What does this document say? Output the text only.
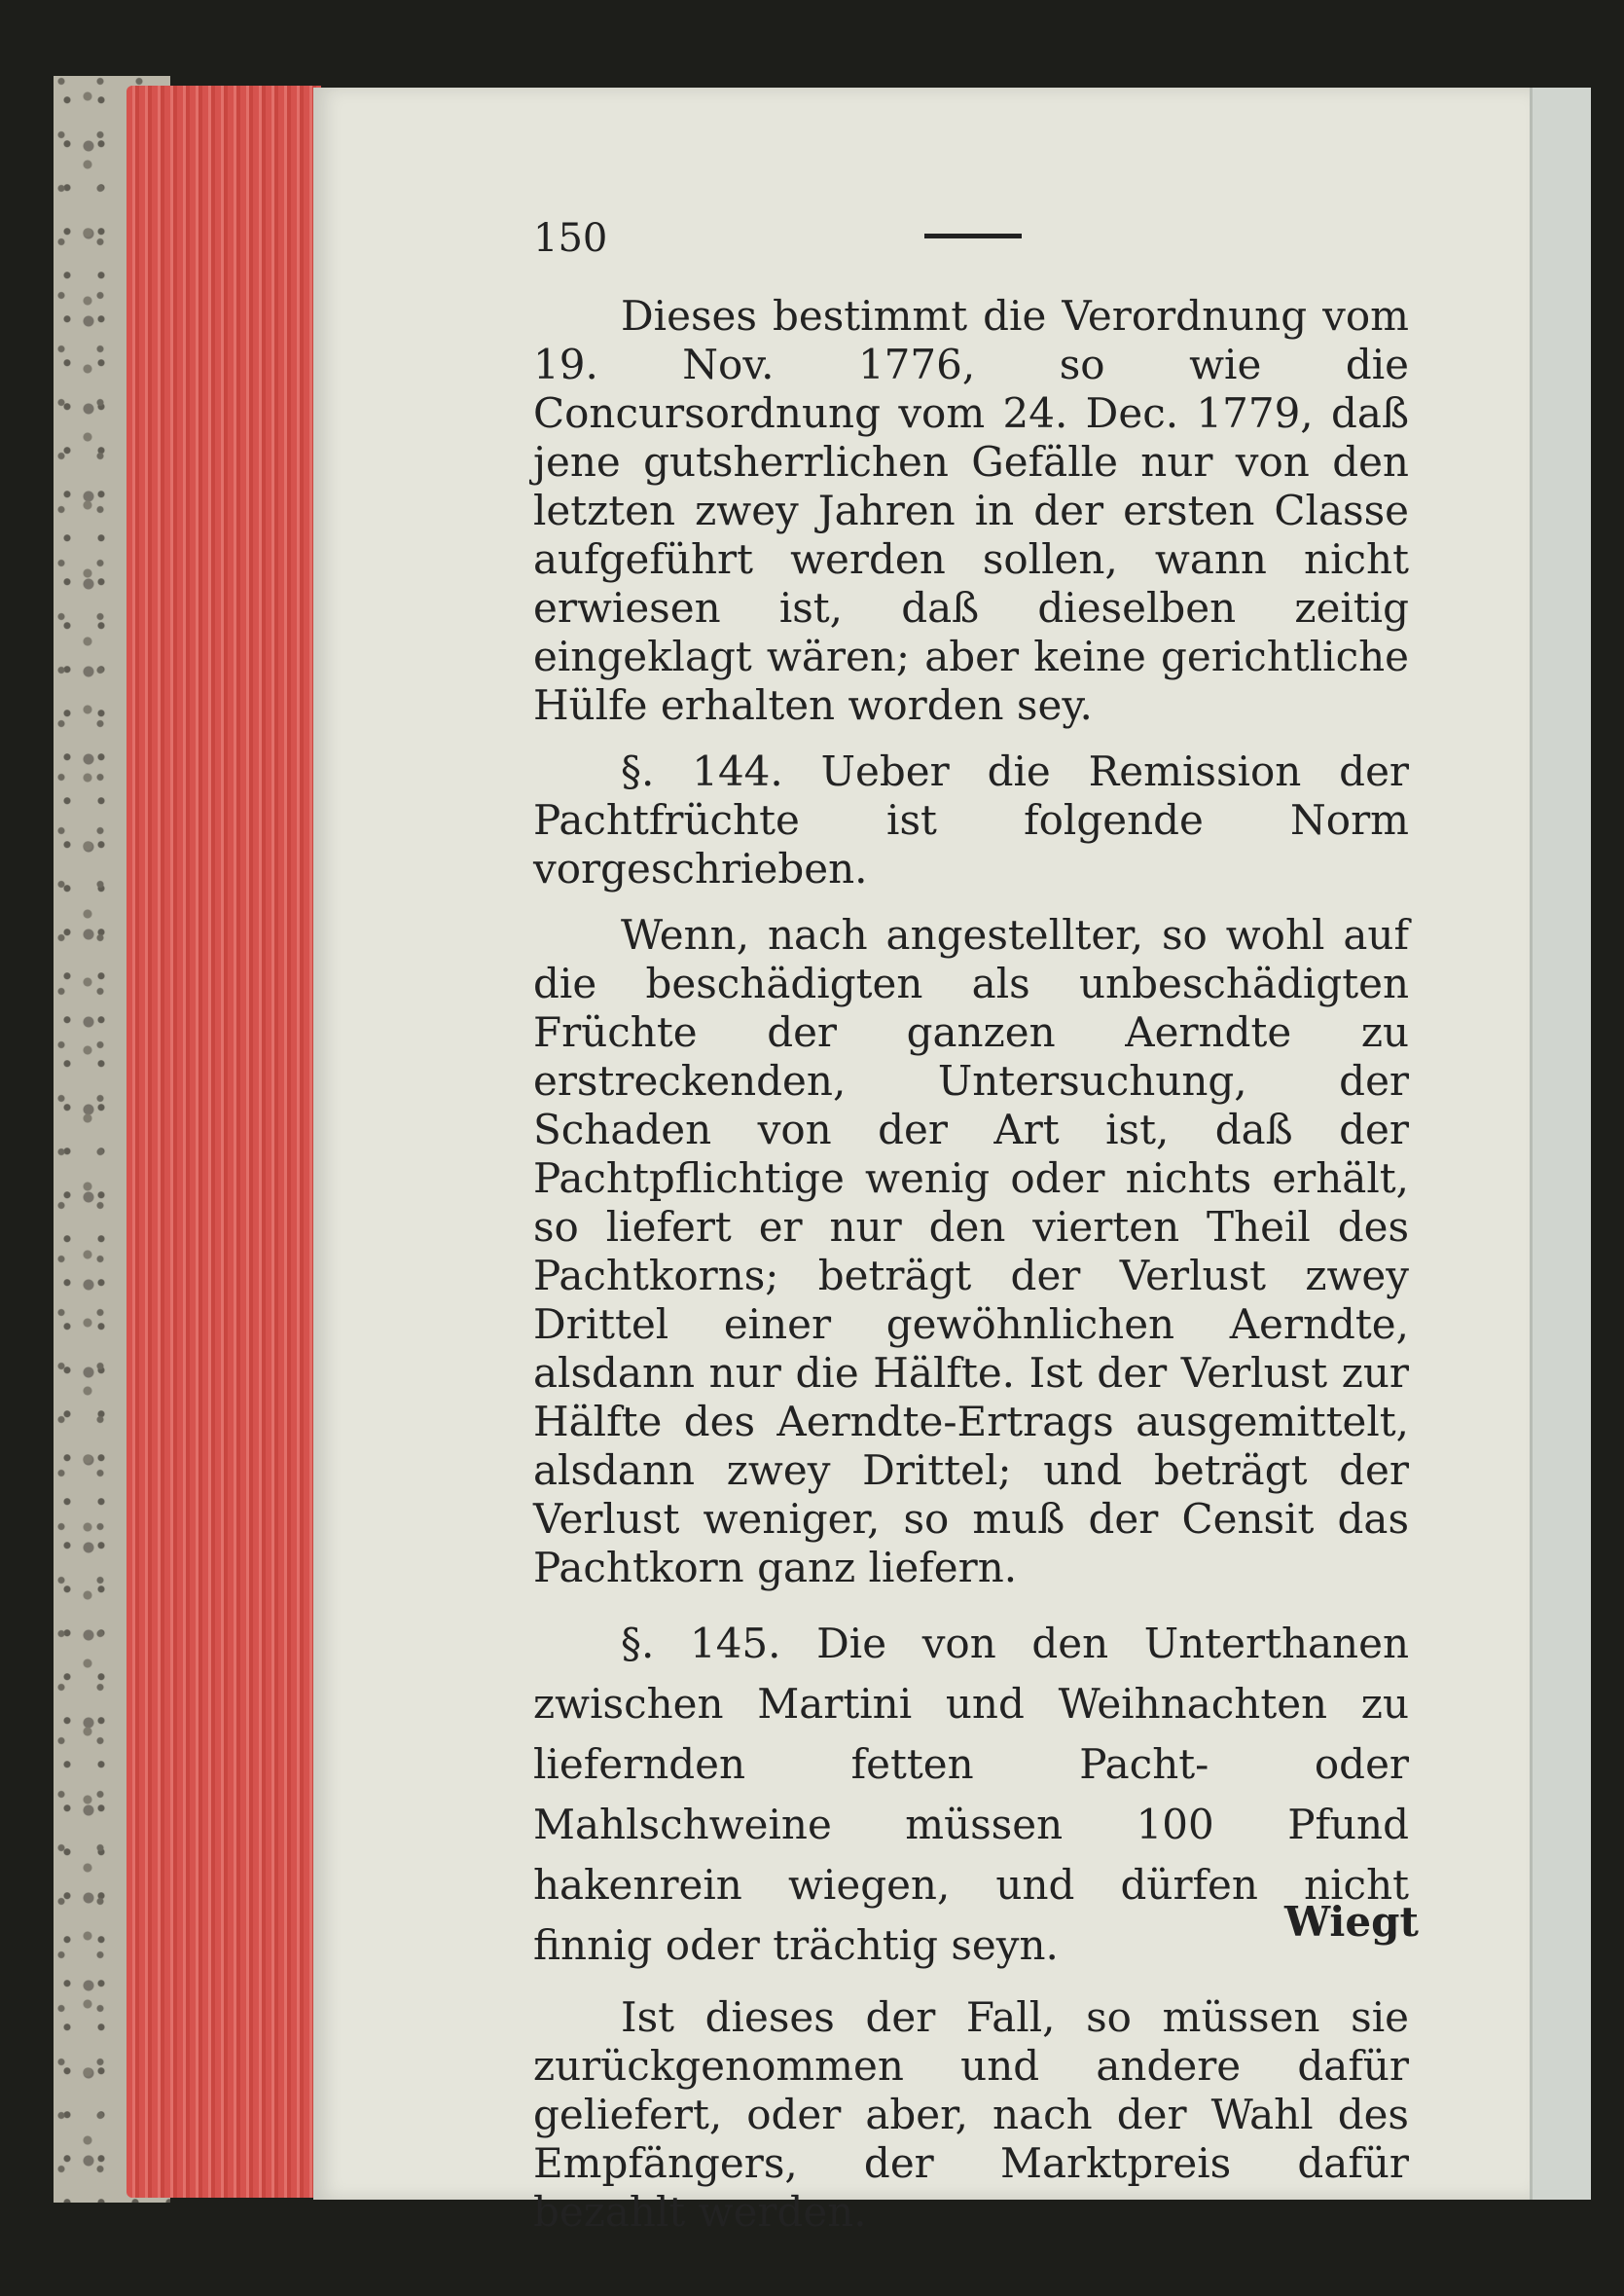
150

Dieses bestimmt die Verordnung vom 19. Nov. 1776, so wie die Concursordnung vom 24. Dec. 1779, daß jene gutsherrlichen Gefälle nur von den letzten zwey Jahren in der ersten Classe aufgeführt werden sollen, wann nicht erwiesen ist, daß dieselben zeitig eingeklagt wären; aber keine gerichtliche Hülfe erhalten worden sey.

§. 144. Ueber die Remission der Pachtfrüchte ist folgende Norm vorgeschrieben.

Wenn, nach angestellter, so wohl auf die beschädigten als unbeschädigten Früchte der ganzen Aerndte zu erstreckenden, Untersuchung, der Schaden von der Art ist, daß der Pachtpflichtige wenig oder nichts erhält, so liefert er nur den vierten Theil des Pachtkorns; beträgt der Verlust zwey Drittel einer gewöhnlichen Aerndte, alsdann nur die Hälfte. Ist der Verlust zur Hälfte des Aerndte-Ertrags ausgemittelt, alsdann zwey Drittel; und beträgt der Verlust weniger, so muß der Censit das Pachtkorn ganz liefern.

§. 145. Die von den Unterthanen zwischen Martini und Weihnachten zu liefernden fetten Pacht- oder Mahlschweine müssen 100 Pfund hakenrein wiegen, und dürfen nicht finnig oder trächtig seyn.

Ist dieses der Fall, so müssen sie zurückgenommen und andere dafür geliefert, oder aber, nach der Wahl des Empfängers, der Marktpreis dafür bezahlt werden.

Wiegt
